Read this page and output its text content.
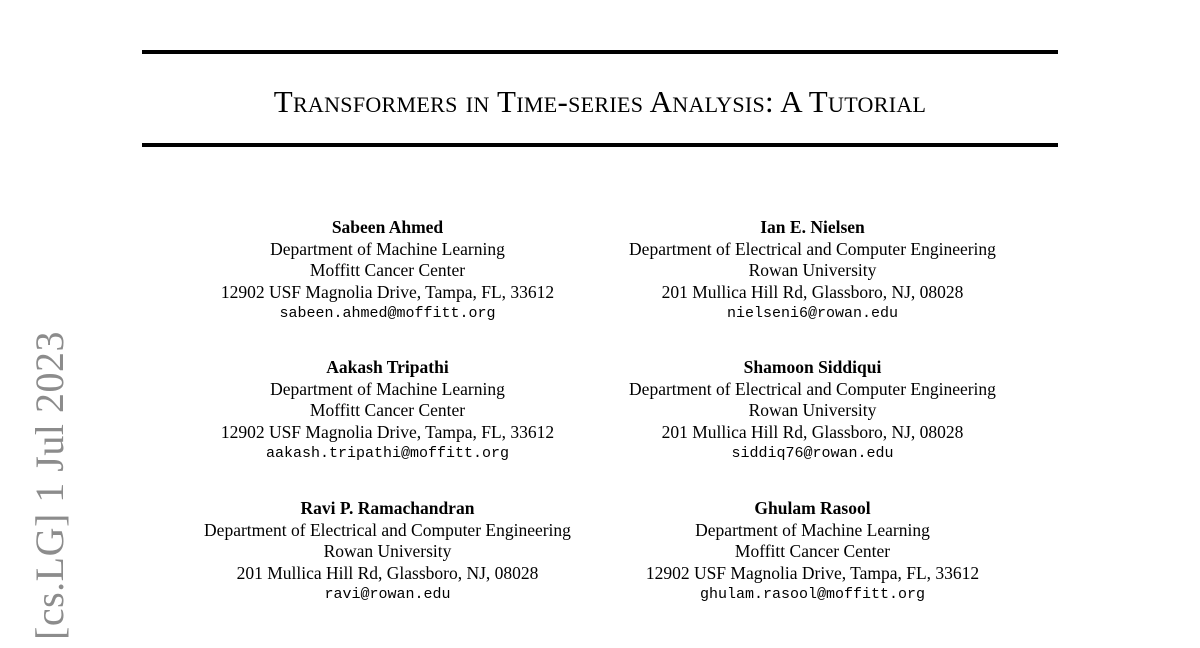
Transformers in Time-series Analysis: A Tutorial
[cs.LG] 1 Jul 2023
Sabeen Ahmed
Department of Machine Learning
Moffitt Cancer Center
12902 USF Magnolia Drive, Tampa, FL, 33612
sabeen.ahmed@moffitt.org
Ian E. Nielsen
Department of Electrical and Computer Engineering
Rowan University
201 Mullica Hill Rd, Glassboro, NJ, 08028
nielseni6@rowan.edu
Aakash Tripathi
Department of Machine Learning
Moffitt Cancer Center
12902 USF Magnolia Drive, Tampa, FL, 33612
aakash.tripathi@moffitt.org
Shamoon Siddiqui
Department of Electrical and Computer Engineering
Rowan University
201 Mullica Hill Rd, Glassboro, NJ, 08028
siddiq76@rowan.edu
Ravi P. Ramachandran
Department of Electrical and Computer Engineering
Rowan University
201 Mullica Hill Rd, Glassboro, NJ, 08028
ravi@rowan.edu
Ghulam Rasool
Department of Machine Learning
Moffitt Cancer Center
12902 USF Magnolia Drive, Tampa, FL, 33612
ghulam.rasool@moffitt.org
